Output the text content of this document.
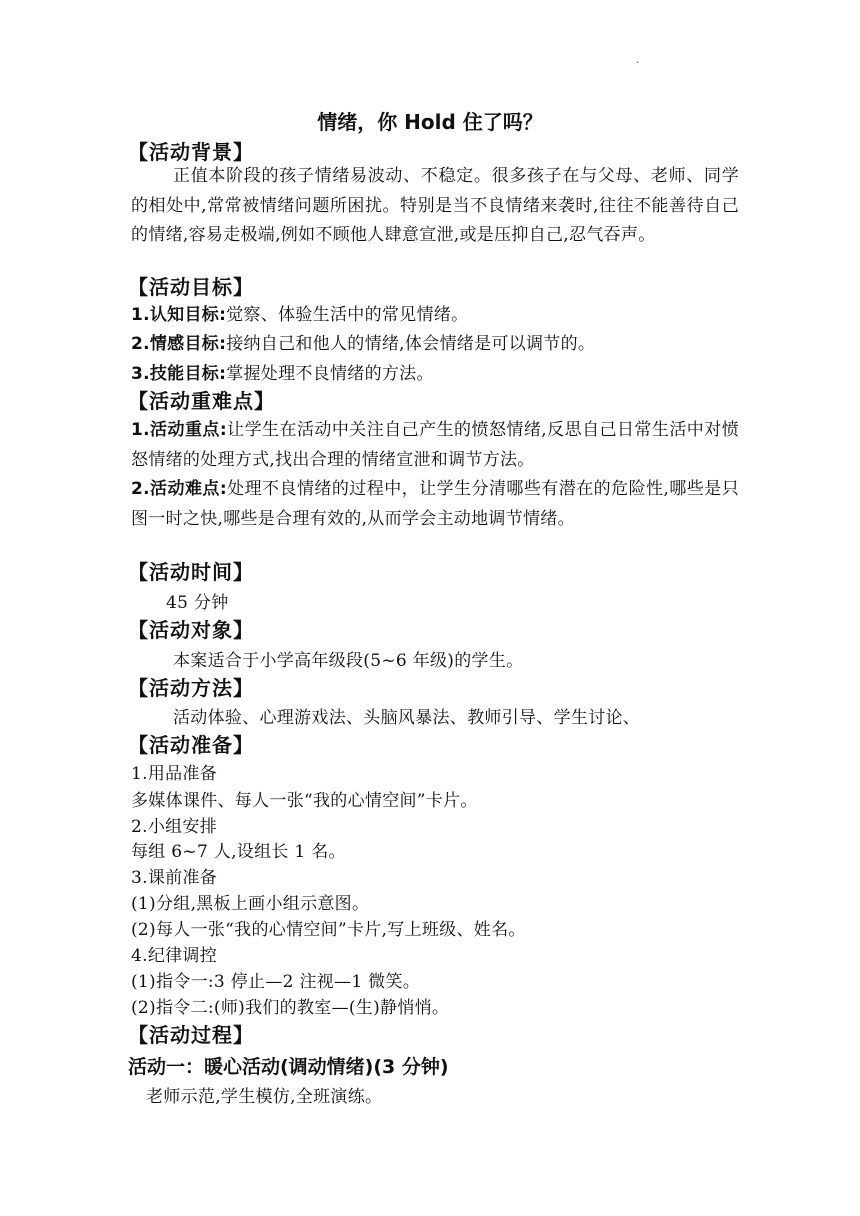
·
情绪，你 Hold 住了吗？
【活动背景】
正值本阶段的孩子情绪易波动、不稳定。很多孩子在与父母、老师、同学的相处中,常常被情绪问题所困扰。特别是当不良情绪来袭时,往往不能善待自己的情绪,容易走极端,例如不顾他人肆意宣泄,或是压抑自己,忍气吞声。
【活动目标】
1.认知目标:觉察、体验生活中的常见情绪。
2.情感目标:接纳自己和他人的情绪,体会情绪是可以调节的。
3.技能目标:掌握处理不良情绪的方法。
【活动重难点】
1.活动重点:让学生在活动中关注自己产生的愤怒情绪,反思自己日常生活中对愤怒情绪的处理方式,找出合理的情绪宣泄和调节方法。
2.活动难点:处理不良情绪的过程中，让学生分清哪些有潜在的危险性,哪些是只图一时之快,哪些是合理有效的,从而学会主动地调节情绪。
【活动时间】
45 分钟
【活动对象】
本案适合于小学高年级段(5~6 年级)的学生。
【活动方法】
活动体验、心理游戏法、头脑风暴法、教师引导、学生讨论、
【活动准备】
1.用品准备
多媒体课件、每人一张“我的心情空间”卡片。
2.小组安排
每组 6~7 人,设组长 1 名。
3.课前准备
(1)分组,黑板上画小组示意图。
(2)每人一张“我的心情空间”卡片,写上班级、姓名。
4.纪律调控
(1)指令一:3 停止—2 注视—1 微笑。
(2)指令二:(师)我们的教室—(生)静悄悄。
【活动过程】
活动一：暖心活动(调动情绪)(3 分钟)
老师示范,学生模仿,全班演练。
